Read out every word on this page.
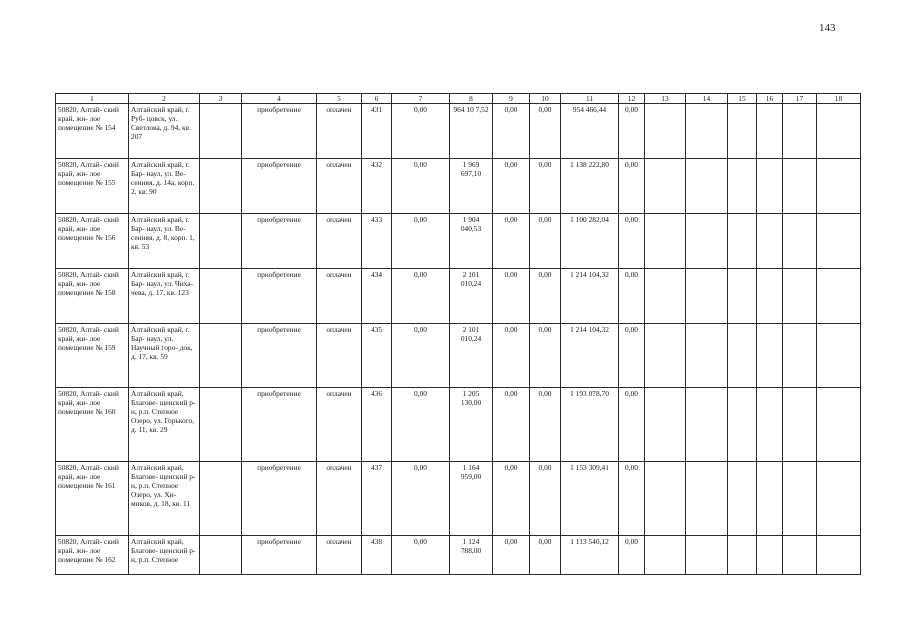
143
1	2	3	4	5	6	7	8	9	10	11	12	13	14	15	16	17	18
50820, Алтай- ский край, жи- лое помещение № 154	Алтайский край, г. Руб- цовск, ул. Светлова, д. 94, кв. 207		приобретение	оплачен	431	0,00	964 10 7,52	0,00	0,00	954 466,44	0,00						
50820, Алтай- ский край, жи- лое помещение № 155	Алтайский край, г. Бар- наул, ул. Ве- сенняя, д. 14а, корп. 2, кв. 90		приобретение	оплачен	432	0,00	1 969 697,10	0,00	0,00	1 138 222,80	0,00						
50820, Алтай- ский край, жи- лое помещение № 156	Алтайский край, г. Бар- наул, ул. Ве- сенняя, д. 8, корп. 1, кв. 53		приобретение	оплачен	433	0,00	1 904 040,53	0,00	0,00	1 100 282,04	0,00						
50820, Алтай- ский край, жи- лое помещение № 158	Алтайский край, г. Бар- наул, ул. Чиха- чева, д. 17, кв. 123		приобретение	оплачен	434	0,00	2 101 010,24	0,00	0,00	1 214 104,32	0,00						
50820, Алтай- ский край, жи- лое помещение № 159	Алтайский край, г. Бар- наул, ул. Научный горо- док, д. 17, кв. 59		приобретение	оплачен	435	0,00	2 101 010,24	0,00	0,00	1 214 104,32	0,00						
50820, Алтай- ский край, жи- лое помещение № 160	Алтайский край, Благове- щенский р-н, р.п. Степное Озеро, ул. Горького, д. 11, кв. 29		приобретение	оплачен	436	0,00	1 205 130,00	0,00	0,00	1 193 078,70	0,00						
50820, Алтай- ский край, жи- лое помещение № 161	Алтайский край, Благове- щенский р-н, р.п. Степное Озеро, ул. Хи- миков, д. 18, кв. 11		приобретение	оплачен	437	0,00	1 164 959,00	0,00	0,00	1 153 309,41	0,00						
50820, Алтай- ский край, жи- лое помещение № 162	Алтайский край, Благове- щенский р-н, р.п. Степное		приобретение	оплачен	438	0,00	1 124 788,00	0,00	0,00	1 113 540,12	0,00						
